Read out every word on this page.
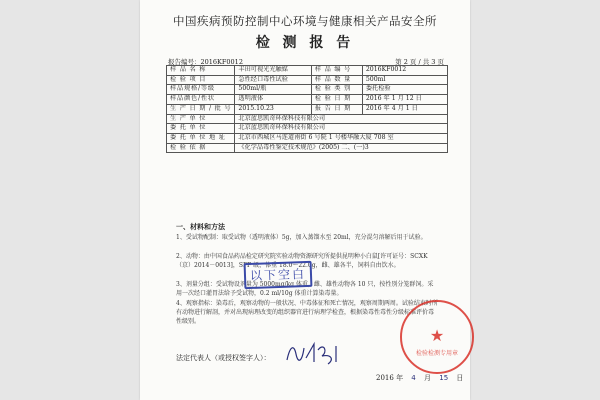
中国疾病预防控制中心环境与健康相关产品安全所
检 测 报 告
报告编号：2016KF0012	第 2 页 / 共 3 页
样 品 名 称	丰田可视光光触媒	样 品 编 号	2016KF0012
检 验 项 目	急性经口毒性试验	样 品 数 量	500ml
样品规格/等级	500ml/瓶	检 验 类 别	委托检验
样品颜色/性状	透明液体	检 验 日 期	2016 年 1 月 12 日
生 产 日 期 / 批 号	2015.10.23	报 告 日 期	2016 年 4 月 1 日
生 产 单 位	北京蓝思凯奇环保科技有限公司		
委 托 单 位	北京蓝思凯奇环保科技有限公司		
委 托 单 位 地 址	北京市西城区马连道南街 6 号院 1 号楼华融大厦 708 室		
检 验 依 据	《化学品毒性鉴定技术规范》(2005) 二、(一)3		
一、材料和方法
1、受试物配制：取受试物（透明液体）5g，加入蒸馏水至 20ml，充分混匀溶解后用于试验。
2、动物：由中国食品药品检定研究院实验动物资源研究所提供昆明种小白鼠[许可证号：SCXK（京）2014－0013]，SPF 级，体重 18.0～22.0g，雌、雄各半，饲料自由饮水。
3、剂量分组：受试物设剂量为 5000mg/kg 体重，雌、雄性动物各 10 只，按性别分笼群饲。采用一次经口灌胃法给予受试物，0.2 ml/10g 体重计算染毒量。
4、观察指标：染毒后，观察动物的一般状况、中毒体征和死亡情况，观察周期两周。试验结束时所有动物进行解剖，并对出现病理改变的组织器官进行病理学检查，根据染毒性毒性分级标准评价毒性级别。
以下空白
★
检验检测专用章
法定代表人（或授权签字人）：
2016 年 4 月 15 日
